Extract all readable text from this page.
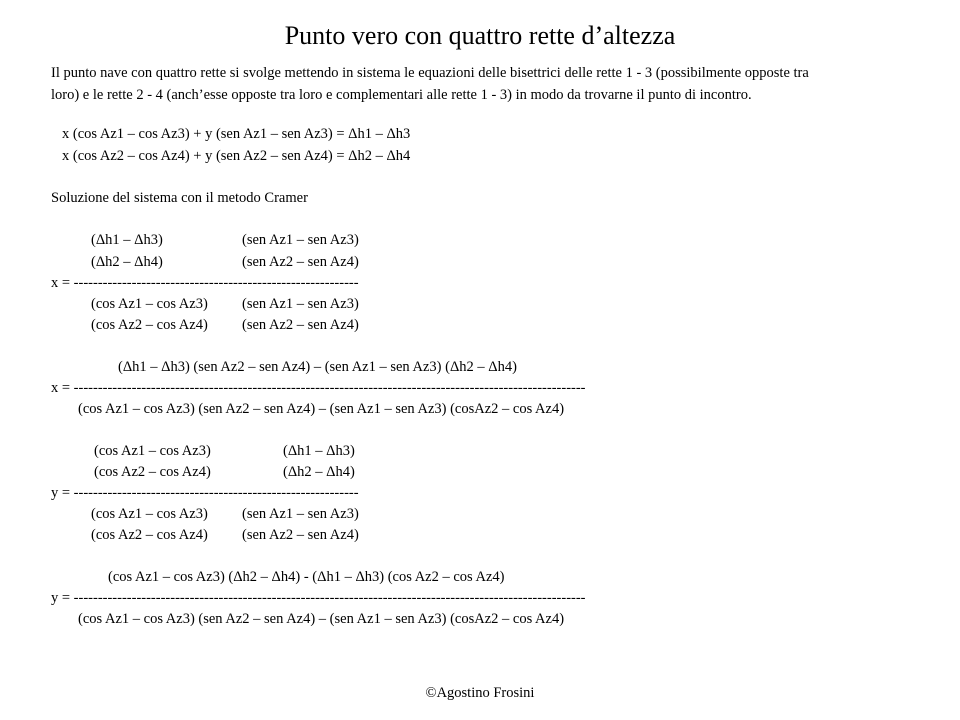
Punto vero con quattro rette d’altezza
Il punto nave con quattro rette si svolge mettendo in sistema le equazioni delle bisettrici delle rette 1 - 3 (possibilmente opposte tra
loro) e le rette 2 - 4 (anch’esse opposte tra loro e complementari alle rette 1 - 3) in modo da trovarne il punto di incontro.
x (cos Az1 – cos Az3) + y (sen Az1 – sen Az3) = Δh1 – Δh3
x (cos Az2 – cos Az4) + y (sen Az2 – sen Az4) = Δh2 – Δh4
Soluzione del sistema con il metodo Cramer
(Δh1 – Δh3)	(sen Az1 – sen Az3)
(Δh2 – Δh4)	(sen Az2 – sen Az4)
x = -----------------------------------------------------------
(cos Az1 – cos Az3) (sen Az1 – sen Az3)
(cos Az2 – cos Az4) (sen Az2 – sen Az4)
(Δh1 – Δh3) (sen Az2 – sen Az4) – (sen Az1 – sen Az3) (Δh2 – Δh4)
x = ----------------------------------------------------------------------------------------------------------
(cos Az1 – cos Az3) (sen Az2 – sen Az4) – (sen Az1 – sen Az3) (cosAz2 – cos Az4)
(cos Az1 – cos Az3)	(Δh1 – Δh3)
(cos Az2 – cos Az4)	(Δh2 – Δh4)
y = -----------------------------------------------------------
(cos Az1 – cos Az3) (sen Az1 – sen Az3)
(cos Az2 – cos Az4) (sen Az2 – sen Az4)
(cos Az1 – cos Az3) (Δh2 – Δh4) - (Δh1 – Δh3) (cos Az2 – cos Az4)
y = ----------------------------------------------------------------------------------------------------------
(cos Az1 – cos Az3) (sen Az2 – sen Az4) – (sen Az1 – sen Az3) (cosAz2 – cos Az4)
©Agostino Frosini
